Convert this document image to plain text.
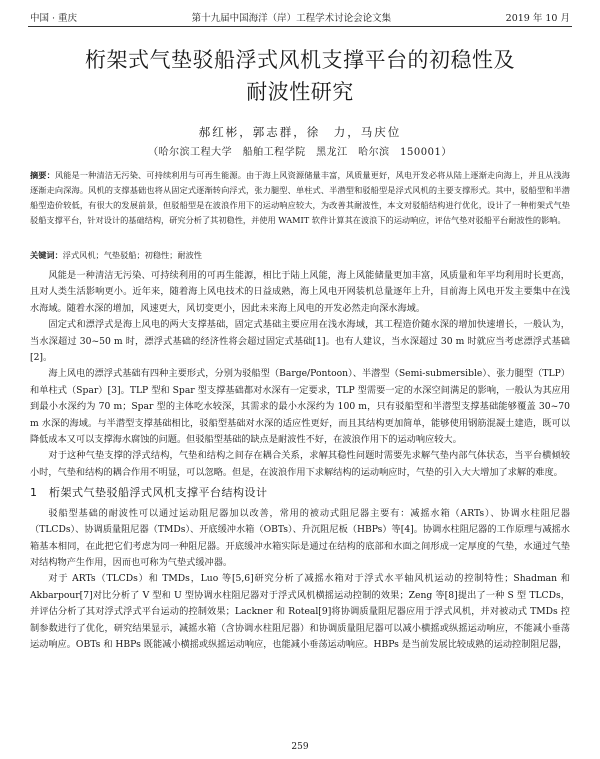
中国 · 重庆	第十九届中国海洋（岸）工程学术讨论会论文集	2019 年 10 月
桁架式气垫驳船浮式风机支撑平台的初稳性及
耐波性研究
郝红彬，郭志群，徐　力，马庆位
（哈尔滨工程大学　船舶工程学院　黑龙江　哈尔滨　150001）
摘要：风能是一种清洁无污染、可持续利用与可再生能源。由于海上风资源储量丰富，风质量更好，风电开发必将从陆上逐渐走向海上，并且从浅海逐渐走向深海。风机的支撑基础也将从固定式逐渐转向浮式，张力腿型、单柱式、半潜型和驳船型是浮式风机的主要支撑形式。其中，驳船型和半潜船型造价较低，有很大的发展前景，但驳船型是在波浪作用下的运动响应较大，为改善其耐波性，本文对驳船结构进行优化，设计了一种桁架式气垫驳船支撑平台，针对设计的基础结构，研究分析了其初稳性，并使用 WAMIT 软件计算其在波浪下的运动响应，评估气垫对驳船平台耐波性的影响。
关键词：浮式风机；气垫驳船；初稳性；耐波性

风能是一种清洁无污染、可持续利用的可再生能源，相比于陆上风能，海上风能储量更加丰富，风质量和年平均利用时长更高，且对人类生活影响更小。近年来，随着海上风电技术的日益成熟，海上风电开网装机总量逐年上升，目前海上风电开发主要集中在浅水海域。随着水深的增加，风速更大，风切变更小，因此未来海上风电的开发必然走向深水海域。

固定式和漂浮式是海上风电的两大支撑基础，固定式基础主要应用在浅水海域，其工程造价随水深的增加快速增长，一般认为，当水深超过 30~50 m 时，漂浮式基础的经济性将会超过固定式基础[1]。也有人建议，当水深超过 30 m 时就应当考虑漂浮式基础[2]。

海上风电的漂浮式基础有四种主要形式，分别为驳船型（Barge/Pontoon）、半潜型（Semi-submersible）、张力腿型（TLP）和单柱式（Spar）[3]。TLP 型和 Spar 型支撑基础都对水深有一定要求，TLP 型需要一定的水深空间满足的影响，一般认为其应用到最小水深约为 70 m；Spar 型的主体吃水较深，其需求的最小水深约为 100 m，只有驳船型和半潜型支撑基础能够覆盖 30~70 m 水深的海域。与半潜型支撑基础相比，驳船型基础对水深的适应性更好，而且其结构更加简单，能够使用钢筋混凝土建造，既可以降低成本又可以支撑海水腐蚀的问题。但驳船型基础的缺点是耐波性不好，在波浪作用下的运动响应较大。

对于这种气垫支撑的浮式结构，气垫和结构之间存在耦合关系，求解其稳性问题时需要先求解气垫内部气体状态，当平台横倾较小时，气垫和结构的耦合作用不明显，可以忽略。但是，在波浪作用下求解结构的运动响应时，气垫的引入大大增加了求解的难度。

1　桁架式气垫驳船浮式风机支撑平台结构设计

驳船型基础的耐波性可以通过运动阻尼器加以改善，常用的被动式阻尼器主要有：减摇水箱（ARTs）、协调水柱阻尼器（TLCDs）、协调质量阻尼器（TMDs）、开底缓冲水箱（OBTs）、升沉阻尼板（HBPs）等[4]。协调水柱阻尼器的工作原理与减摇水箱基本相同，在此把它们考虑为同一种阻尼器。开底缓冲水箱实际是通过在结构的底部和水面之间形成一定厚度的气垫，水通过气垫对结构物产生作用，因而也可称为气垫式缓冲器。

对于 ARTs（TLCDs）和 TMDs，Luo 等[5,6]研究分析了减摇水箱对于浮式水平轴风机运动的控制特性；Shadman 和 Akbarpour[7]对比分析了 V 型和 U 型协调水柱阻尼器对于浮式风机横摇运动控制的效果；Zeng 等[8]提出了一种 S 型 TLCDs，并评估分析了其对浮式浮式平台运动的控制效果；Lackner 和 Roteal[9]将协调质量阻尼器应用于浮式风机，并对被动式 TMDs 控制参数进行了优化，研究结果显示，减摇水箱（含协调水柱阻尼器）和协调质量阻尼器可以减小横摇或纵摇运动响应，不能减小垂荡运动响应。OBTs 和 HBPs 既能减小横摇或纵摇运动响应，也能减小垂荡运动响应。HBPs 是当前发展比较成熟的运动控制阻尼器，

259
